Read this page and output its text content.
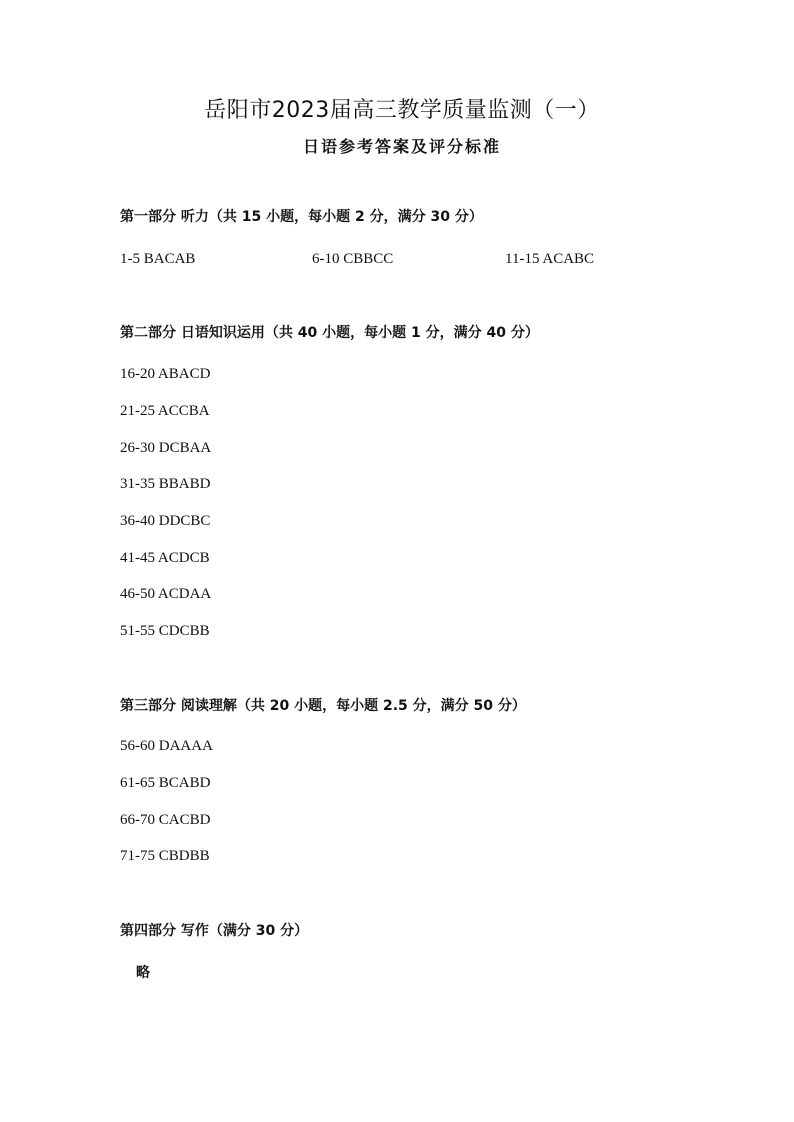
岳阳市2023届高三教学质量监测（一）
日语参考答案及评分标准
第一部分 听力（共 15 小题，每小题 2 分，满分 30 分）
1-5 BACAB	6-10 CBBCC	11-15 ACABC
第二部分 日语知识运用（共 40 小题，每小题 1 分，满分 40 分）
16-20 ABACD
21-25 ACCBA
26-30 DCBAA
31-35 BBABD
36-40 DDCBC
41-45 ACDCB
46-50 ACDAA
51-55 CDCBB
第三部分 阅读理解（共 20 小题，每小题 2.5 分，满分 50 分）
56-60 DAAAA
61-65 BCABD
66-70 CACBD
71-75 CBDBB
第四部分 写作（满分 30 分）
略
